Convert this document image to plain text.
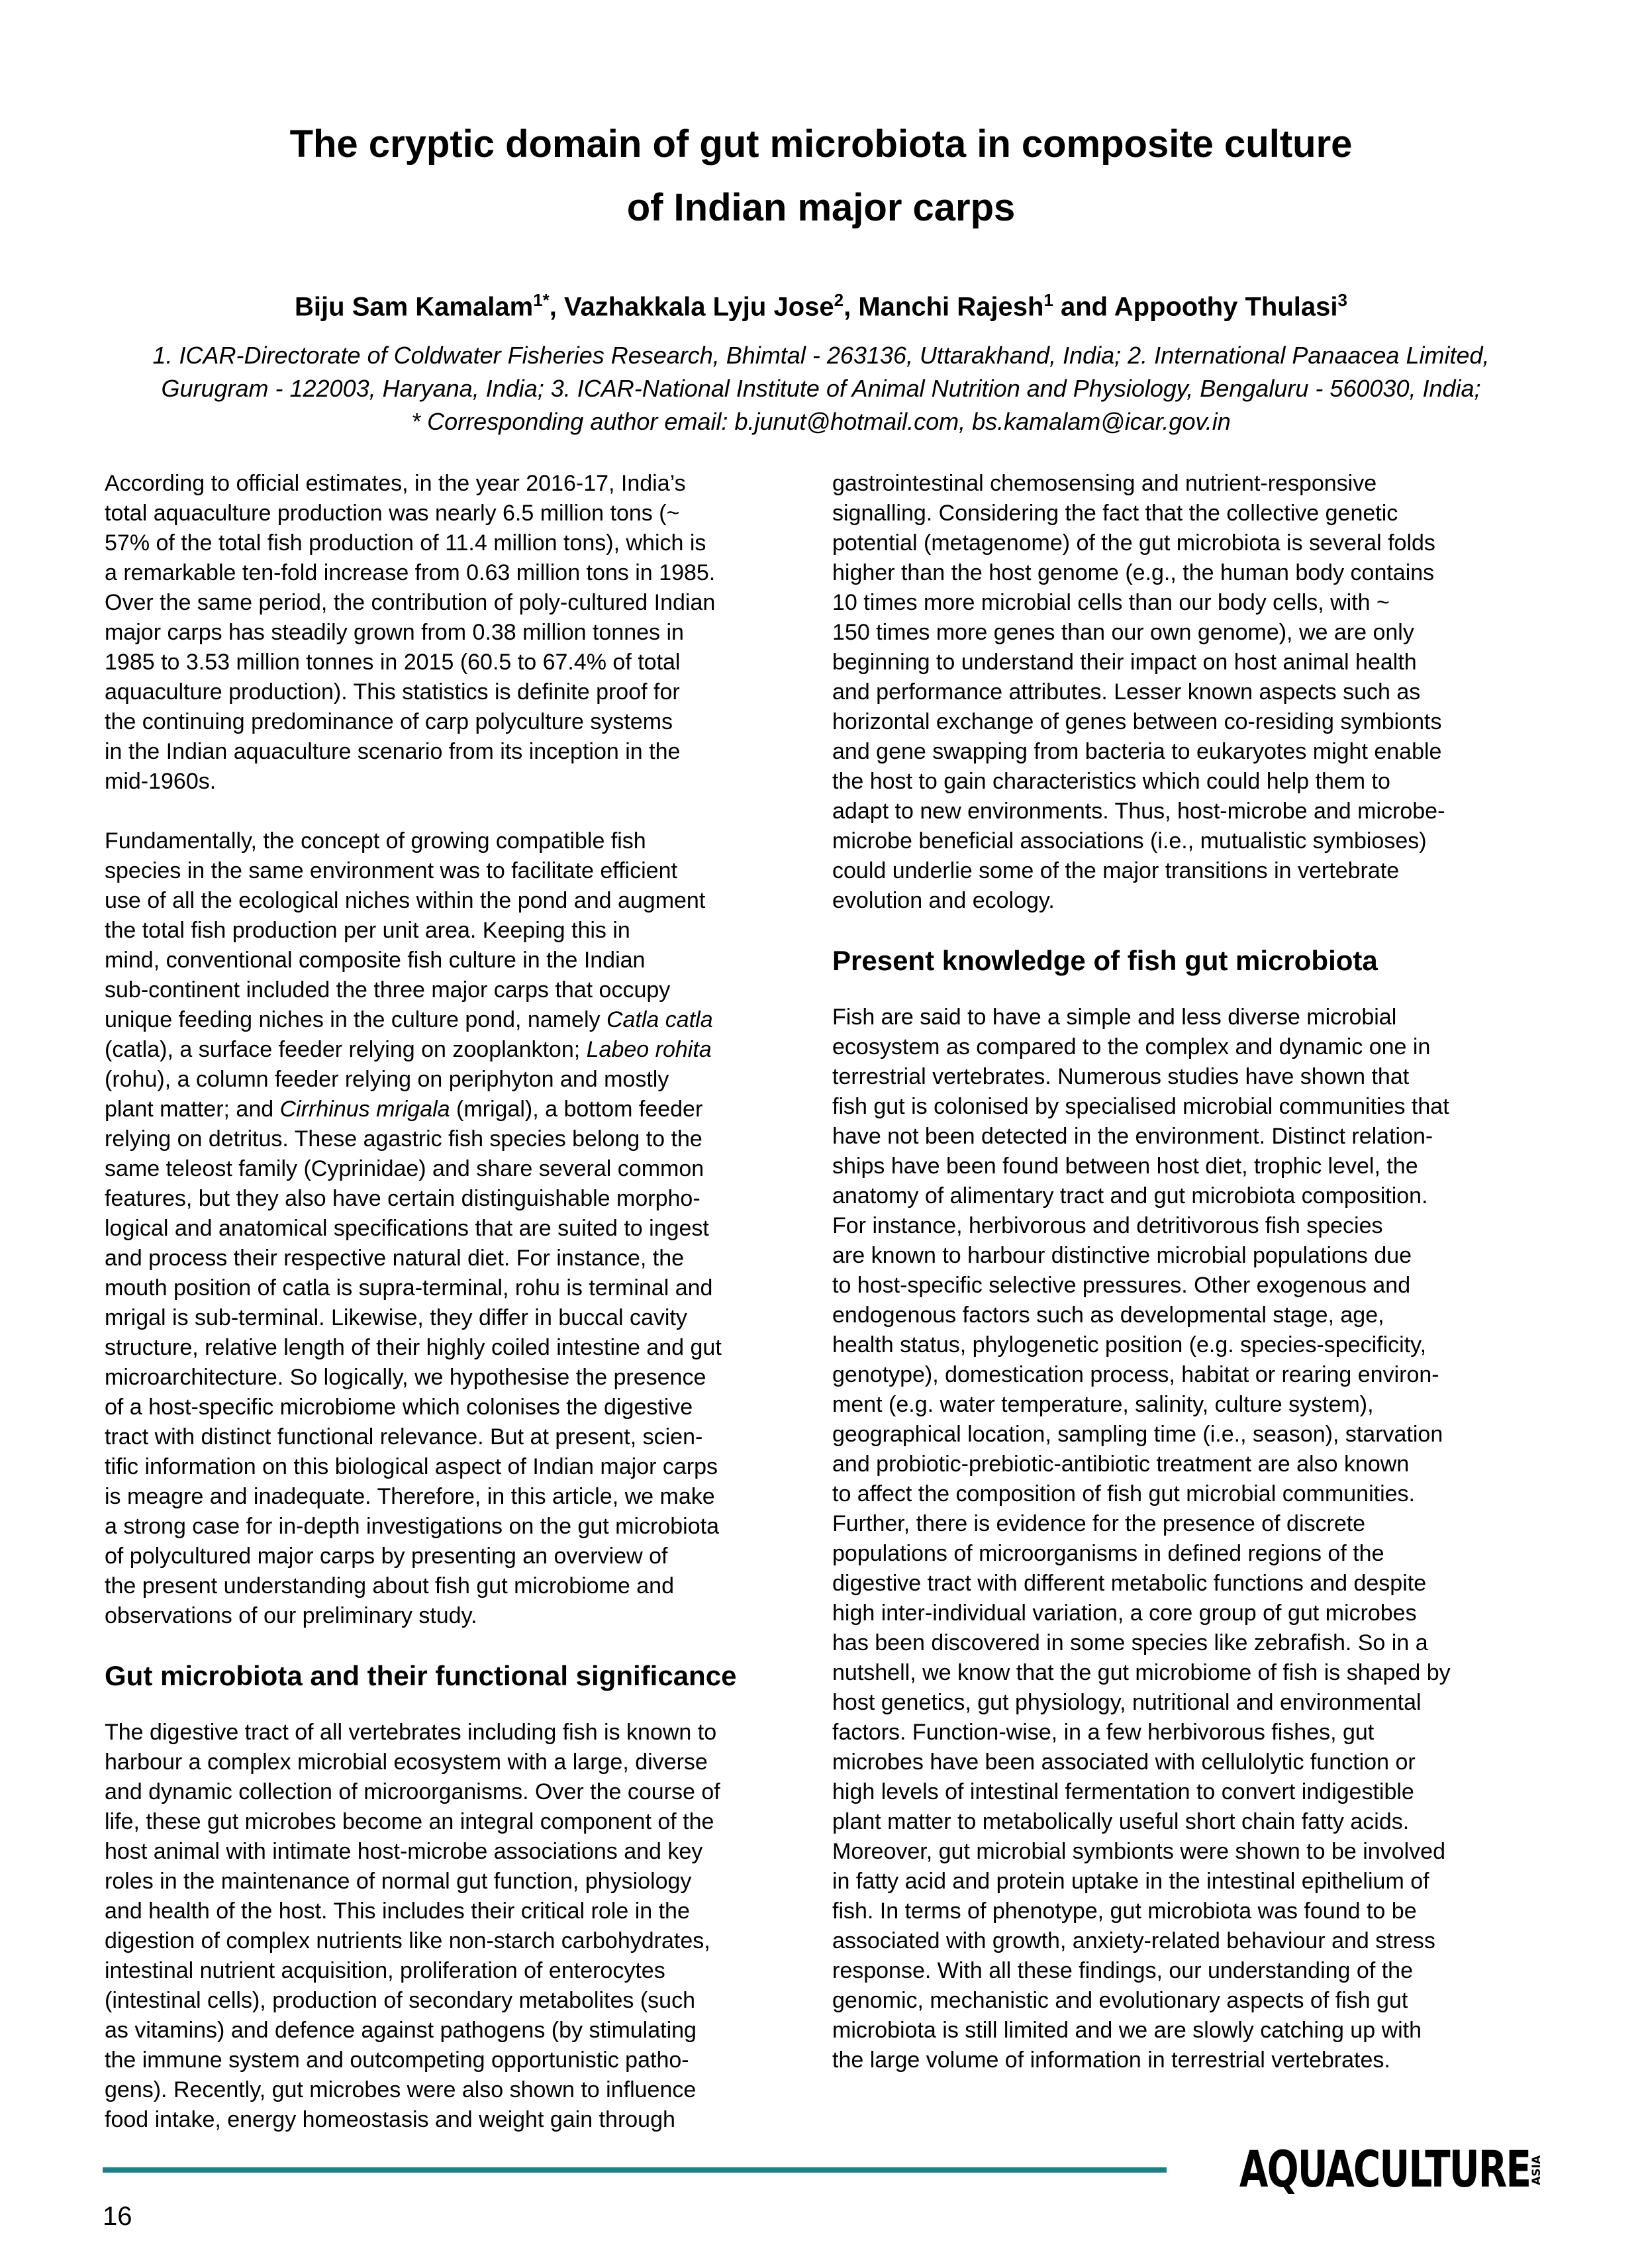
The cryptic domain of gut microbiota in composite culture
of Indian major carps
Biju Sam Kamalam$^{1*}$, Vazhakkala Lyju Jose$^2$, Manchi Rajesh$^1$ and Appoothy Thulasi$^3$
1. ICAR-Directorate of Coldwater Fisheries Research, Bhimtal - 263136, Uttarakhand, India; 2. International Panaacea Limited,
Gurugram - 122003, Haryana, India; 3. ICAR-National Institute of Animal Nutrition and Physiology, Bengaluru - 560030, India;
* Corresponding author email: b.junut@hotmail.com, bs.kamalam@icar.gov.in

According to official estimates, in the year 2016-17, India’s
total aquaculture production was nearly 6.5 million tons (~
57% of the total fish production of 11.4 million tons), which is
a remarkable ten-fold increase from 0.63 million tons in 1985.
Over the same period, the contribution of poly-cultured Indian
major carps has steadily grown from 0.38 million tonnes in
1985 to 3.53 million tonnes in 2015 (60.5 to 67.4% of total
aquaculture production). This statistics is definite proof for
the continuing predominance of carp polyculture systems
in the Indian aquaculture scenario from its inception in the
mid-1960s.

Fundamentally, the concept of growing compatible fish
species in the same environment was to facilitate efficient
use of all the ecological niches within the pond and augment
the total fish production per unit area. Keeping this in
mind, conventional composite fish culture in the Indian
sub-continent included the three major carps that occupy
unique feeding niches in the culture pond, namely Catla catla
(catla), a surface feeder relying on zooplankton; Labeo rohita
(rohu), a column feeder relying on periphyton and mostly
plant matter; and Cirrhinus mrigala (mrigal), a bottom feeder
relying on detritus. These agastric fish species belong to the
same teleost family (Cyprinidae) and share several common
features, but they also have certain distinguishable morpho-
logical and anatomical specifications that are suited to ingest
and process their respective natural diet. For instance, the
mouth position of catla is supra-terminal, rohu is terminal and
mrigal is sub-terminal. Likewise, they differ in buccal cavity
structure, relative length of their highly coiled intestine and gut
microarchitecture. So logically, we hypothesise the presence
of a host-specific microbiome which colonises the digestive
tract with distinct functional relevance. But at present, scien-
tific information on this biological aspect of Indian major carps
is meagre and inadequate. Therefore, in this article, we make
a strong case for in-depth investigations on the gut microbiota
of polycultured major carps by presenting an overview of
the present understanding about fish gut microbiome and
observations of our preliminary study.

Gut microbiota and their functional significance

The digestive tract of all vertebrates including fish is known to
harbour a complex microbial ecosystem with a large, diverse
and dynamic collection of microorganisms. Over the course of
life, these gut microbes become an integral component of the
host animal with intimate host-microbe associations and key
roles in the maintenance of normal gut function, physiology
and health of the host. This includes their critical role in the
digestion of complex nutrients like non-starch carbohydrates,
intestinal nutrient acquisition, proliferation of enterocytes
(intestinal cells), production of secondary metabolites (such
as vitamins) and defence against pathogens (by stimulating
the immune system and outcompeting opportunistic patho-
gens). Recently, gut microbes were also shown to influence
food intake, energy homeostasis and weight gain through

gastrointestinal chemosensing and nutrient-responsive
signalling. Considering the fact that the collective genetic
potential (metagenome) of the gut microbiota is several folds
higher than the host genome (e.g., the human body contains
10 times more microbial cells than our body cells, with ~
150 times more genes than our own genome), we are only
beginning to understand their impact on host animal health
and performance attributes. Lesser known aspects such as
horizontal exchange of genes between co-residing symbionts
and gene swapping from bacteria to eukaryotes might enable
the host to gain characteristics which could help them to
adapt to new environments. Thus, host-microbe and microbe-
microbe beneficial associations (i.e., mutualistic symbioses)
could underlie some of the major transitions in vertebrate
evolution and ecology.

Present knowledge of fish gut microbiota

Fish are said to have a simple and less diverse microbial
ecosystem as compared to the complex and dynamic one in
terrestrial vertebrates. Numerous studies have shown that
fish gut is colonised by specialised microbial communities that
have not been detected in the environment. Distinct relation-
ships have been found between host diet, trophic level, the
anatomy of alimentary tract and gut microbiota composition.
For instance, herbivorous and detritivorous fish species
are known to harbour distinctive microbial populations due
to host-specific selective pressures. Other exogenous and
endogenous factors such as developmental stage, age,
health status, phylogenetic position (e.g. species-specificity,
genotype), domestication process, habitat or rearing environ-
ment (e.g. water temperature, salinity, culture system),
geographical location, sampling time (i.e., season), starvation
and probiotic-prebiotic-antibiotic treatment are also known
to affect the composition of fish gut microbial communities.
Further, there is evidence for the presence of discrete
populations of microorganisms in defined regions of the
digestive tract with different metabolic functions and despite
high inter-individual variation, a core group of gut microbes
has been discovered in some species like zebrafish. So in a
nutshell, we know that the gut microbiome of fish is shaped by
host genetics, gut physiology, nutritional and environmental
factors. Function-wise, in a few herbivorous fishes, gut
microbes have been associated with cellulolytic function or
high levels of intestinal fermentation to convert indigestible
plant matter to metabolically useful short chain fatty acids.
Moreover, gut microbial symbionts were shown to be involved
in fatty acid and protein uptake in the intestinal epithelium of
fish. In terms of phenotype, gut microbiota was found to be
associated with growth, anxiety-related behaviour and stress
response. With all these findings, our understanding of the
genomic, mechanistic and evolutionary aspects of fish gut
microbiota is still limited and we are slowly catching up with
the large volume of information in terrestrial vertebrates.

AQUACULTURE ASIA
16
